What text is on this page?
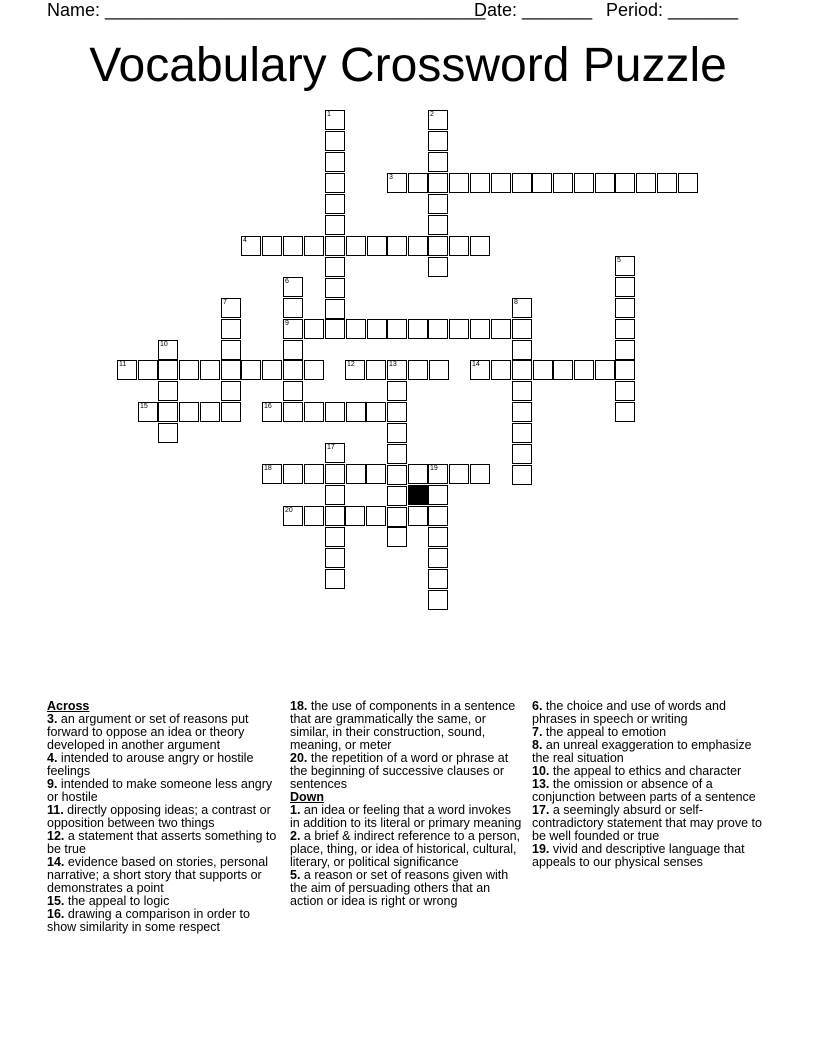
Name: ______________________________________
Date: _______ Period: _______
Vocabulary Crossword Puzzle
1	2
3
4
5
6
7	8
9
10
11	12	13	14
15	16
17
18	19
20
Across
3. an argument or set of reasons put forward to oppose an idea or theory developed in another argument
4. intended to arouse angry or hostile feelings
9. intended to make someone less angry or hostile
11. directly opposing ideas; a contrast or opposition between two things
12. a statement that asserts something to be true
14. evidence based on stories, personal narrative; a short story that supports or demonstrates a point
15. the appeal to logic
16. drawing a comparison in order to show similarity in some respect
18. the use of components in a sentence that are grammatically the same, or similar, in their construction, sound, meaning, or meter
20. the repetition of a word or phrase at the beginning of successive clauses or sentences
Down
1. an idea or feeling that a word invokes in addition to its literal or primary meaning
2. a brief & indirect reference to a person, place, thing, or idea of historical, cultural, literary, or political significance
5. a reason or set of reasons given with the aim of persuading others that an action or idea is right or wrong
6. the choice and use of words and phrases in speech or writing
7. the appeal to emotion
8. an unreal exaggeration to emphasize the real situation
10. the appeal to ethics and character
13. the omission or absence of a conjunction between parts of a sentence
17. a seemingly absurd or self-contradictory statement that may prove to be well founded or true
19. vivid and descriptive language that appeals to our physical senses
